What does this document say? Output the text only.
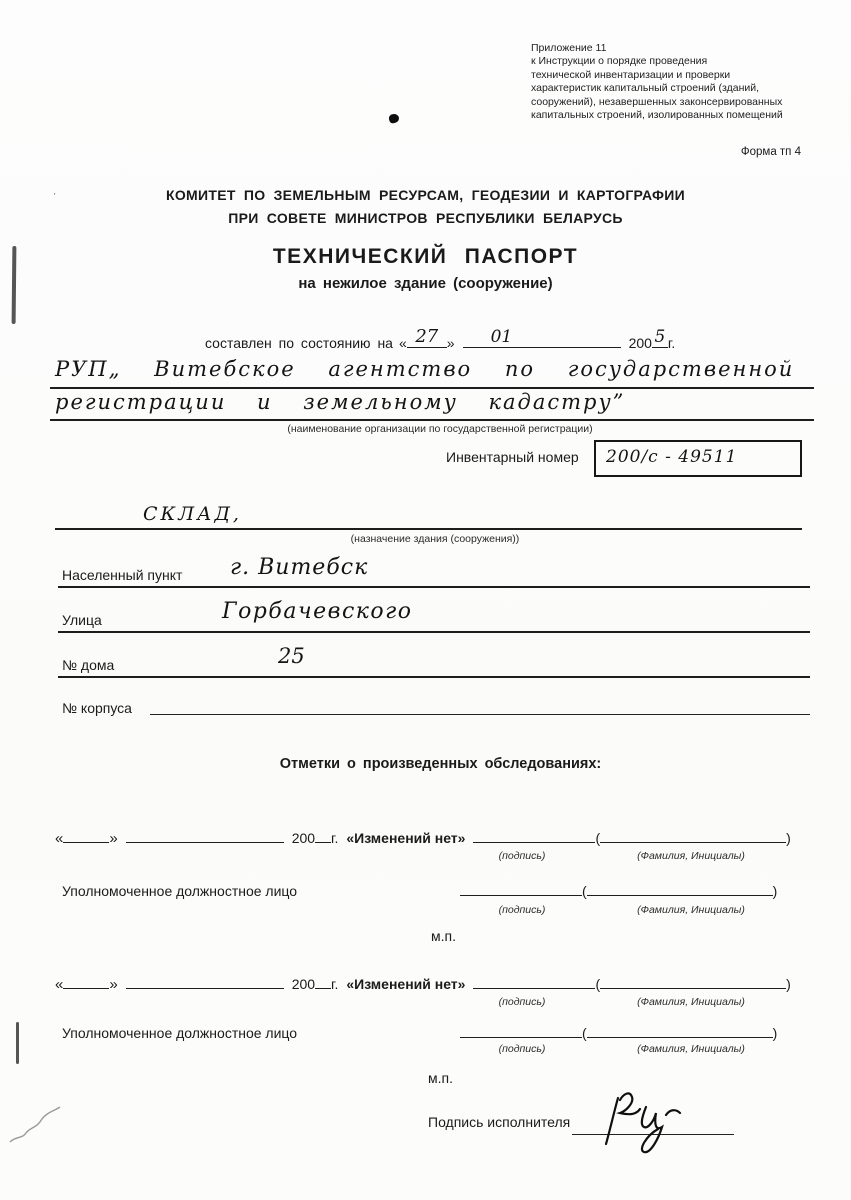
Приложение 11
к Инструкции о порядке проведения
технической инвентаризации и проверки
характеристик капитальный строений (зданий,
сооружений), незавершенных законсервированных
капитальных строений, изолированных помещений
Форма тп 4
КОМИТЕТ ПО ЗЕМЕЛЬНЫМ РЕСУРСАМ, ГЕОДЕЗИИ И КАРТОГРАФИИ
ПРИ СОВЕТЕ МИНИСТРОВ РЕСПУБЛИКИ БЕЛАРУСЬ
ТЕХНИЧЕСКИЙ ПАСПОРТ
на нежилое здание (сооружение)
составлен по состоянию на « 27 »	01	200 5 г.
РУП„ Витебское агентство по государственной
регистрации и земельному кадастру”
(наименование организации по государственной регистрации)
Инвентарный номер 200/с - 49511
СКЛАД,
(назначение здания (сооружения))
Населенный пункт г. Витебск
Улица	Горбачевского
№ дома	25
№ корпуса
Отметки о произведенных обследованиях:
«	»	200 г. «Изменений нет»	(	)
(подпись)	(Фамилия, Инициалы)
Уполномоченное должностное лицо	(	)
(подпись)	(Фамилия, Инициалы)
м.п.
«	»	200 г. «Изменений нет»	(	)
(подпись)	(Фамилия, Инициалы)
Уполномоченное должностное лицо	(	)
(подпись)	(Фамилия, Инициалы)
м.п.
Подпись исполнителя
᾿
